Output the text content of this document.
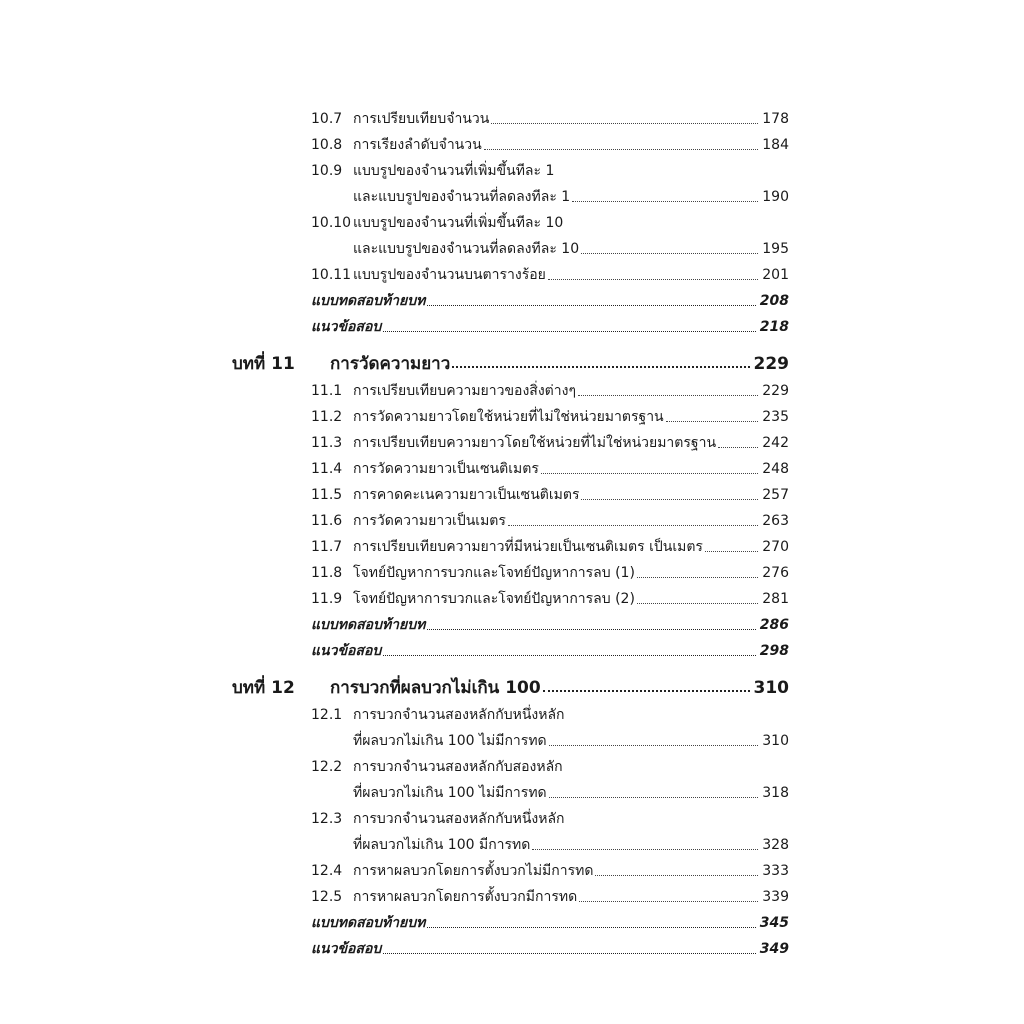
10.7 การเปรียบเทียบจำนวน	178
10.8 การเรียงลำดับจำนวน	184
10.9 แบบรูปของจำนวนที่เพิ่มขึ้นทีละ 1
และแบบรูปของจำนวนที่ลดลงทีละ 1	190
10.10 แบบรูปของจำนวนที่เพิ่มขึ้นทีละ 10
และแบบรูปของจำนวนที่ลดลงทีละ 10	195
10.11 แบบรูปของจำนวนบนตารางร้อย	201
แบบทดสอบท้ายบท	208
แนวข้อสอบ	218
บทที่ 11 การวัดความยาว	229
11.1 การเปรียบเทียบความยาวของสิ่งต่างๆ	229
11.2 การวัดความยาวโดยใช้หน่วยที่ไม่ใช่หน่วยมาตรฐาน	235
11.3 การเปรียบเทียบความยาวโดยใช้หน่วยที่ไม่ใช่หน่วยมาตรฐาน	242
11.4 การวัดความยาวเป็นเซนติเมตร	248
11.5 การคาดคะเนความยาวเป็นเซนติเมตร	257
11.6 การวัดความยาวเป็นเมตร	263
11.7 การเปรียบเทียบความยาวที่มีหน่วยเป็นเซนติเมตร เป็นเมตร	270
11.8 โจทย์ปัญหาการบวกและโจทย์ปัญหาการลบ (1)	276
11.9 โจทย์ปัญหาการบวกและโจทย์ปัญหาการลบ (2)	281
แบบทดสอบท้ายบท	286
แนวข้อสอบ	298
บทที่ 12 การบวกที่ผลบวกไม่เกิน 100	310
12.1 การบวกจำนวนสองหลักกับหนึ่งหลัก
ที่ผลบวกไม่เกิน 100 ไม่มีการทด	310
12.2 การบวกจำนวนสองหลักกับสองหลัก
ที่ผลบวกไม่เกิน 100 ไม่มีการทด	318
12.3 การบวกจำนวนสองหลักกับหนึ่งหลัก
ที่ผลบวกไม่เกิน 100 มีการทด	328
12.4 การหาผลบวกโดยการตั้งบวกไม่มีการทด	333
12.5 การหาผลบวกโดยการตั้งบวกมีการทด	339
แบบทดสอบท้ายบท	345
แนวข้อสอบ	349
